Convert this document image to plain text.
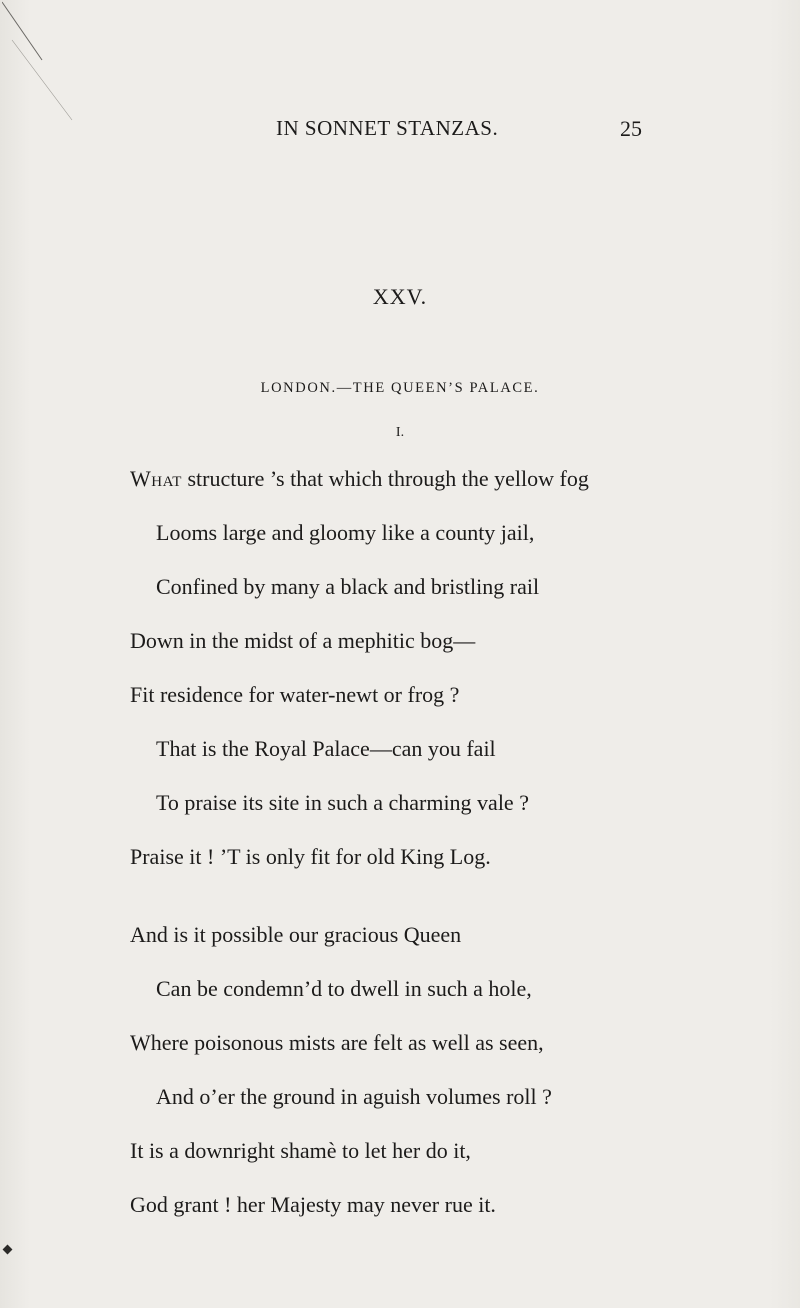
IN SONNET STANZAS.	25
XXV.
LONDON.—THE QUEEN’S PALACE.
I.
What structure ’s that which through the yellow fog
Looms large and gloomy like a county jail,
Confined by many a black and bristling rail
Down in the midst of a mephitic bog—
Fit residence for water-newt or frog ?
That is the Royal Palace—can you fail
To praise its site in such a charming vale ?
Praise it ! ’T is only fit for old King Log.
And is it possible our gracious Queen
Can be condemn’d to dwell in such a hole,
Where poisonous mists are felt as well as seen,
And o’er the ground in aguish volumes roll ?
It is a downright shamè to let her do it,
God grant ! her Majesty may never rue it.
